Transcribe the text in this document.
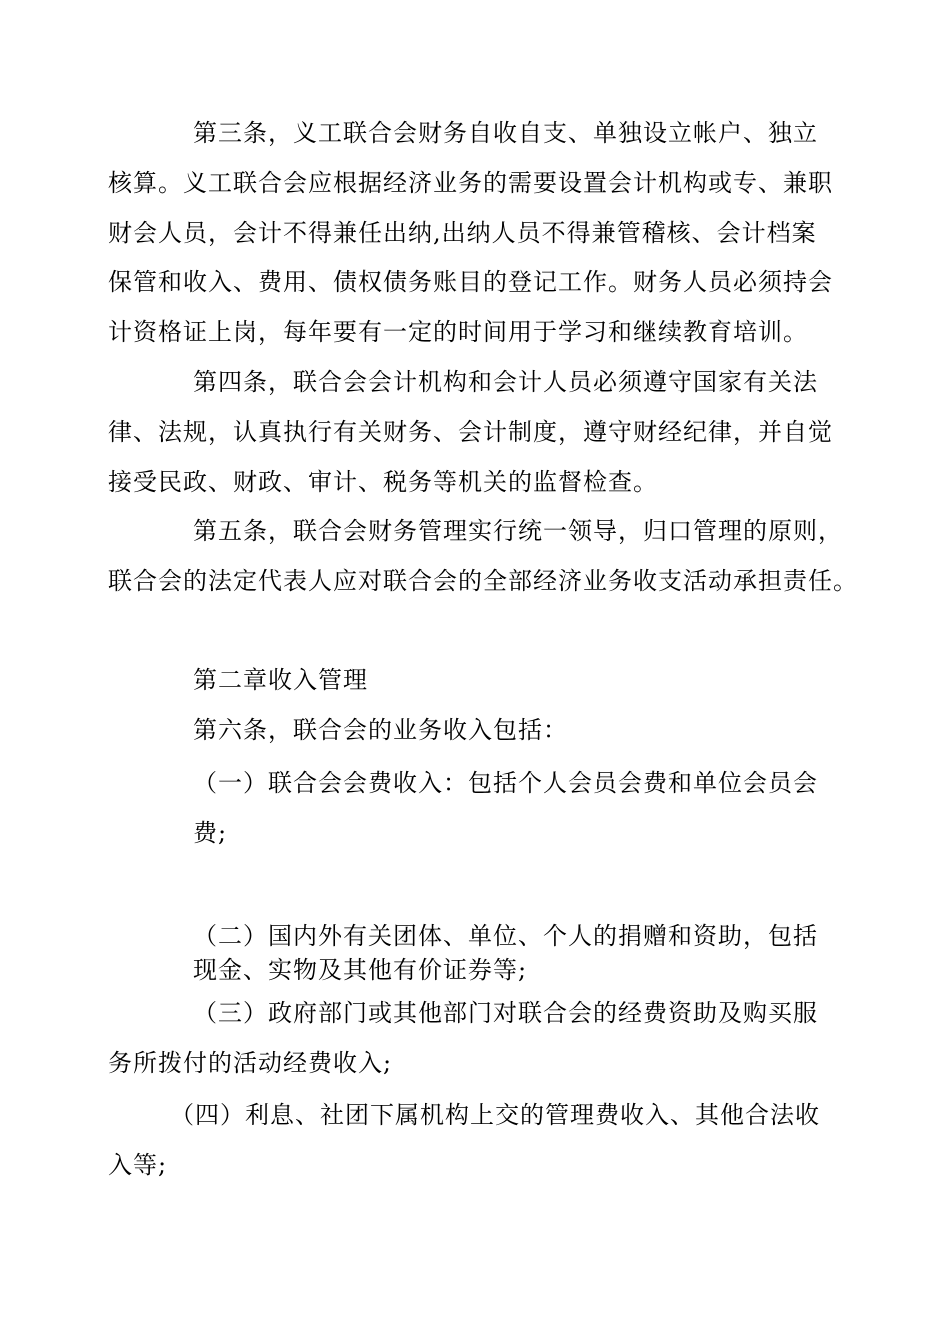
第三条，义工联合会财务自收自支、单独设立帐户、独立
核算。义工联合会应根据经济业务的需要设置会计机构或专、兼职
财会人员，会计不得兼任出纳,出纳人员不得兼管稽核、会计档案
保管和收入、费用、债权债务账目的登记工作。财务人员必须持会
计资格证上岗，每年要有一定的时间用于学习和继续教育培训。
第四条，联合会会计机构和会计人员必须遵守国家有关法
律、法规，认真执行有关财务、会计制度，遵守财经纪律，并自觉
接受民政、财政、审计、税务等机关的监督检查。
第五条，联合会财务管理实行统一领导，归口管理的原则，
联合会的法定代表人应对联合会的全部经济业务收支活动承担责任。
第二章收入管理
第六条，联合会的业务收入包括：
（一）联合会会费收入：包括个人会员会费和单位会员会
费;
（二）国内外有关团体、单位、个人的捐赠和资助，包括
现金、实物及其他有价证券等;
（三）政府部门或其他部门对联合会的经费资助及购买服
务所拨付的活动经费收入;
（四）利息、社团下属机构上交的管理费收入、其他合法收
入等;
